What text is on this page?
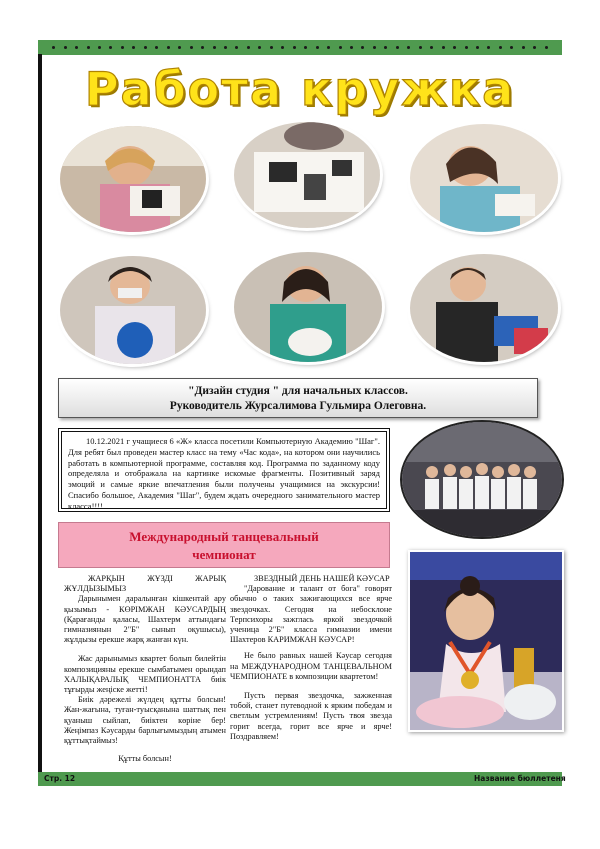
Работа кружка
"Дизайн студия " для начальных классов.
Руководитель Журсалимова Гульмира Олеговна.
10.12.2021 г учащиеся 6 «Ж» класса посетили Компьютерную Академию "Шаг". Для ребят был проведен мастер класс на тему «Час кода», на котором они научились работать в компьютерной программе, составляя код. Программа по заданному коду определяла и отображала на картинке искомые фрагменты. Позитивный заряд эмоций и самые яркие впечатления были получены учащимися на экскурсии! Спасибо большое, Академия "Шаг", будем ждать очередного занимательного мастер класса!!!!
Международный танцевальный
чемпионат

ЖАРҚЫН ЖҰЗДІ ЖАРЫҚ ЖҰЛДЫЗЫМЫЗ

Дарынымен даралынған кішкентай ару қызымыз - КӨРІМЖАН КӘУСАРДЫҢ (Қарағанды қаласы, Шахтерм аттындағы гимназиянын 2"Б" сынып оқушысы), жұлдызы ерекше жарқ жанған күн.

Жас дарынымыз квартет болып билейтін композицияны ерекше сымбатымен орындап ХАЛЫҚАРАЛЫҚ ЧЕМПИОНАТТА биік тұғырды жеңіске жетті!

Биік дәрежелі жүлдең құтты болсын! Жан-жағына, туған-туысқанына шаттық пен қуаныш сыйлап, биіктен көріне бер! Жеңімпаз Кәусарды барлығымыздың атымен құттықтаймыз!

Құтты болсын!

ЗВЕЗДНЫЙ ДЕНЬ НАШЕЙ КӘУСАР

"Дарование и талант от бога" говорят обычно о таких зажигающихся все ярче звездочках. Сегодня на небосклоне Терпсихоры зажглась яркой звездочкой ученица 2"Б" класса гимназии имени Шахтеров КАРИМЖАН КӘУСАР!

Не было равных нашей Кәусар сегодня на МЕЖДУНАРОДНОМ ТАНЦЕВАЛЬНОМ ЧЕМПИОНАТЕ в композиции квартетом!

Пусть первая звездочка, зажженная тобой, станет путеводной к ярким победам и светлым устремлениям! Пусть твоя звезда горит всегда, горит все ярче и ярче! Поздравляем!

Стр. 12	Название бюллетеня
